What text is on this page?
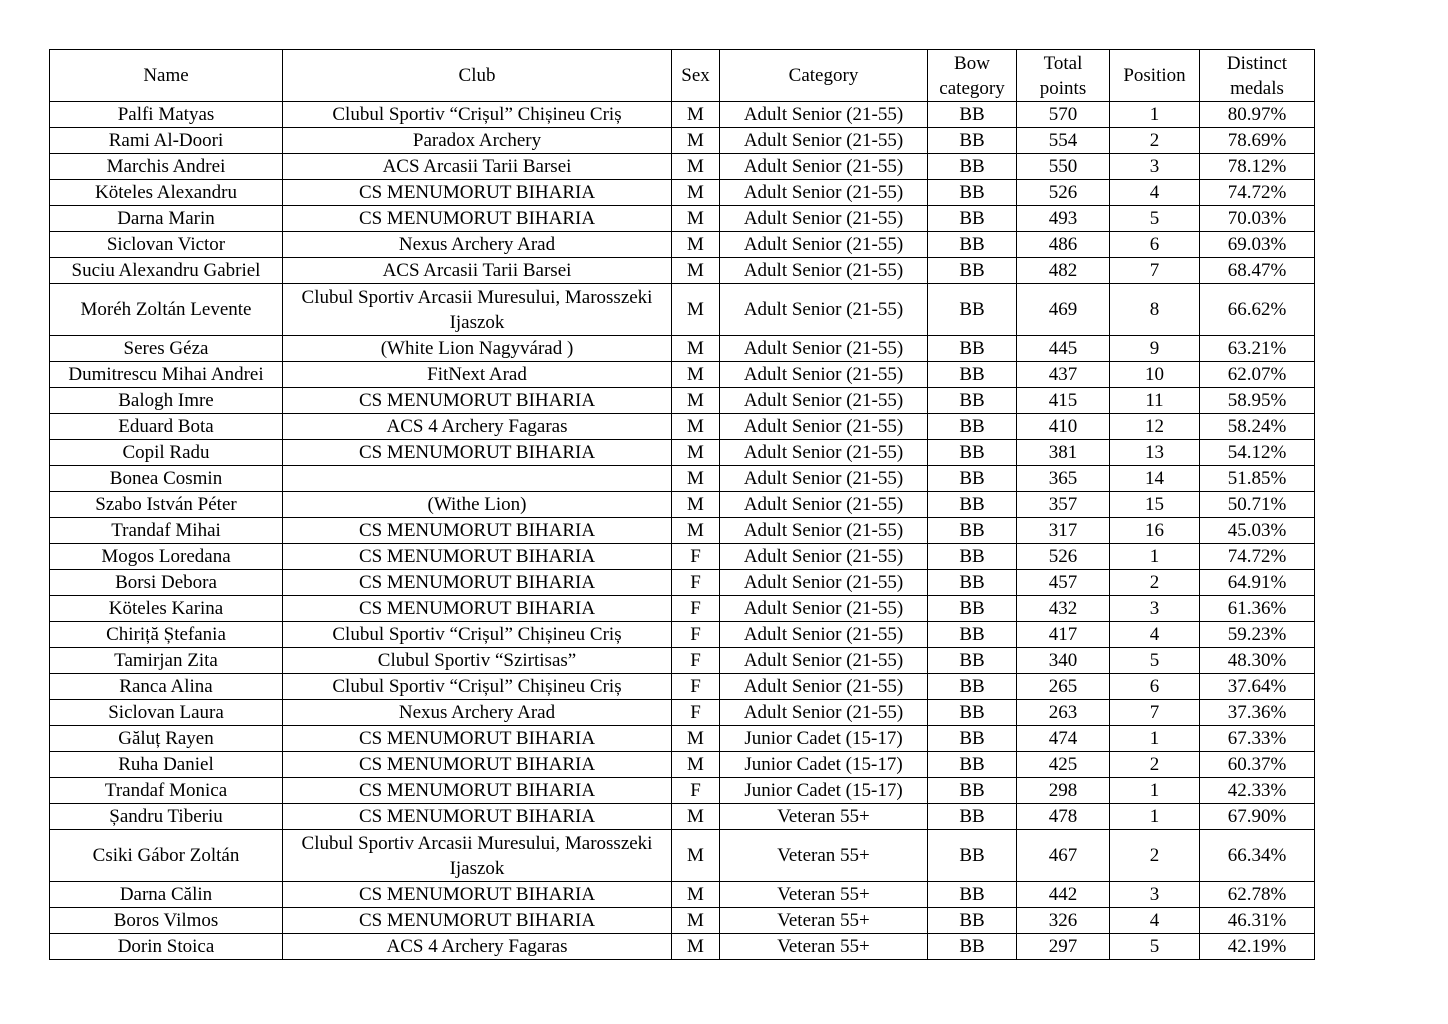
Name	Club	Sex	Category	Bow category	Total points	Position	Distinct medals
Palfi Matyas	Clubul Sportiv “Crișul” Chișineu Criș	M	Adult Senior (21-55)	BB	570	1	80.97%
Rami Al-Doori	Paradox Archery	M	Adult Senior (21-55)	BB	554	2	78.69%
Marchis Andrei	ACS Arcasii Tarii Barsei	M	Adult Senior (21-55)	BB	550	3	78.12%
Köteles Alexandru	CS MENUMORUT BIHARIA	M	Adult Senior (21-55)	BB	526	4	74.72%
Darna Marin	CS MENUMORUT BIHARIA	M	Adult Senior (21-55)	BB	493	5	70.03%
Siclovan Victor	Nexus Archery Arad	M	Adult Senior (21-55)	BB	486	6	69.03%
Suciu Alexandru Gabriel	ACS Arcasii Tarii Barsei	M	Adult Senior (21-55)	BB	482	7	68.47%
Moréh Zoltán Levente	Clubul Sportiv Arcasii Muresului, Marosszeki Ijaszok	M	Adult Senior (21-55)	BB	469	8	66.62%
Seres Géza	(White Lion Nagyvárad )	M	Adult Senior (21-55)	BB	445	9	63.21%
Dumitrescu Mihai Andrei	FitNext Arad	M	Adult Senior (21-55)	BB	437	10	62.07%
Balogh Imre	CS MENUMORUT BIHARIA	M	Adult Senior (21-55)	BB	415	11	58.95%
Eduard Bota	ACS 4 Archery Fagaras	M	Adult Senior (21-55)	BB	410	12	58.24%
Copil Radu	CS MENUMORUT BIHARIA	M	Adult Senior (21-55)	BB	381	13	54.12%
Bonea Cosmin		M	Adult Senior (21-55)	BB	365	14	51.85%
Szabo István Péter	(Withe Lion)	M	Adult Senior (21-55)	BB	357	15	50.71%
Trandaf Mihai	CS MENUMORUT BIHARIA	M	Adult Senior (21-55)	BB	317	16	45.03%
Mogos Loredana	CS MENUMORUT BIHARIA	F	Adult Senior (21-55)	BB	526	1	74.72%
Borsi Debora	CS MENUMORUT BIHARIA	F	Adult Senior (21-55)	BB	457	2	64.91%
Köteles Karina	CS MENUMORUT BIHARIA	F	Adult Senior (21-55)	BB	432	3	61.36%
Chiriță Ștefania	Clubul Sportiv “Crișul” Chișineu Criș	F	Adult Senior (21-55)	BB	417	4	59.23%
Tamirjan Zita	Clubul Sportiv “Szirtisas”	F	Adult Senior (21-55)	BB	340	5	48.30%
Ranca Alina	Clubul Sportiv “Crișul” Chișineu Criș	F	Adult Senior (21-55)	BB	265	6	37.64%
Siclovan Laura	Nexus Archery Arad	F	Adult Senior (21-55)	BB	263	7	37.36%
Găluț Rayen	CS MENUMORUT BIHARIA	M	Junior Cadet (15-17)	BB	474	1	67.33%
Ruha Daniel	CS MENUMORUT BIHARIA	M	Junior Cadet (15-17)	BB	425	2	60.37%
Trandaf Monica	CS MENUMORUT BIHARIA	F	Junior Cadet (15-17)	BB	298	1	42.33%
Șandru Tiberiu	CS MENUMORUT BIHARIA	M	Veteran 55+	BB	478	1	67.90%
Csiki Gábor Zoltán	Clubul Sportiv Arcasii Muresului, Marosszeki Ijaszok	M	Veteran 55+	BB	467	2	66.34%
Darna Călin	CS MENUMORUT BIHARIA	M	Veteran 55+	BB	442	3	62.78%
Boros Vilmos	CS MENUMORUT BIHARIA	M	Veteran 55+	BB	326	4	46.31%
Dorin Stoica	ACS 4 Archery Fagaras	M	Veteran 55+	BB	297	5	42.19%
